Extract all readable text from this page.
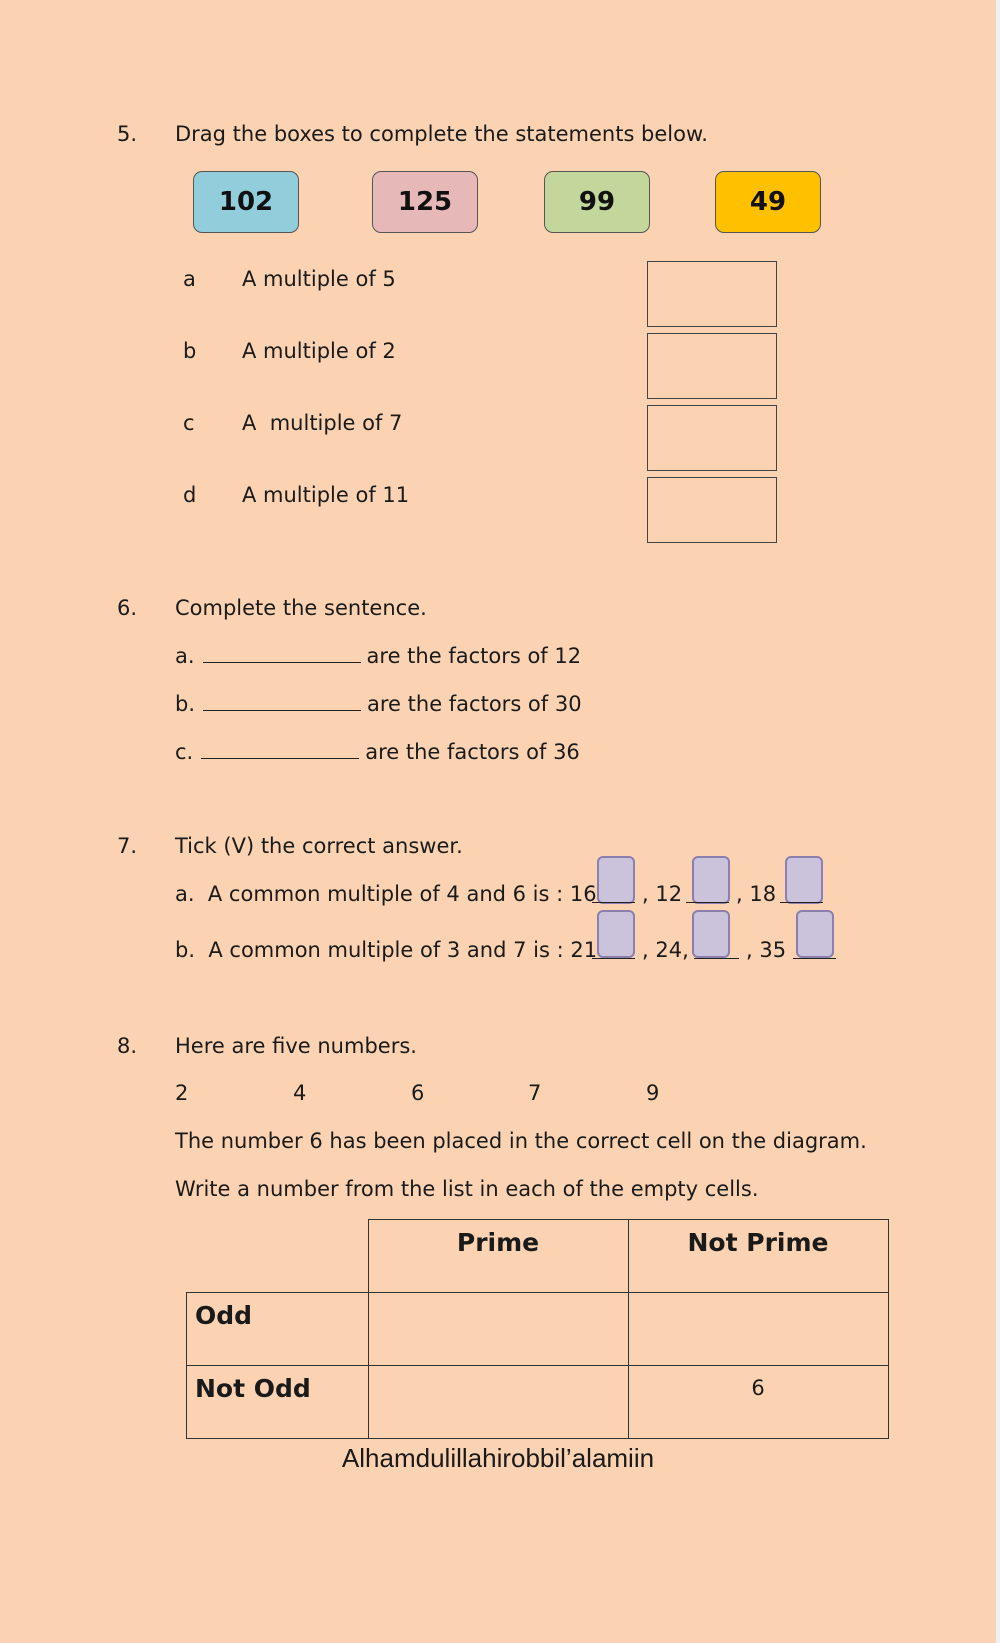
5. Drag the boxes to complete the statements below.
102	125	99	49
a A multiple of 5
b A multiple of 2
c A  multiple of 7
d A multiple of 11
6. Complete the sentence.
a.	are the factors of 12
b.	are the factors of 30
c.	are the factors of 36
7. Tick (V) the correct answer.
a.  A common multiple of 4 and 6 is : 16 , 12	, 18
b.  A common multiple of 3 and 7 is : 21 , 24,	, 35
8. Here are five numbers.
2	4	6	7	9
The number 6 has been placed in the correct cell on the diagram.
Write a number from the list in each of the empty cells.
	Prime	Not Prime
Odd		
Not Odd		6
Alhamdulillahirobbil’alamiin
